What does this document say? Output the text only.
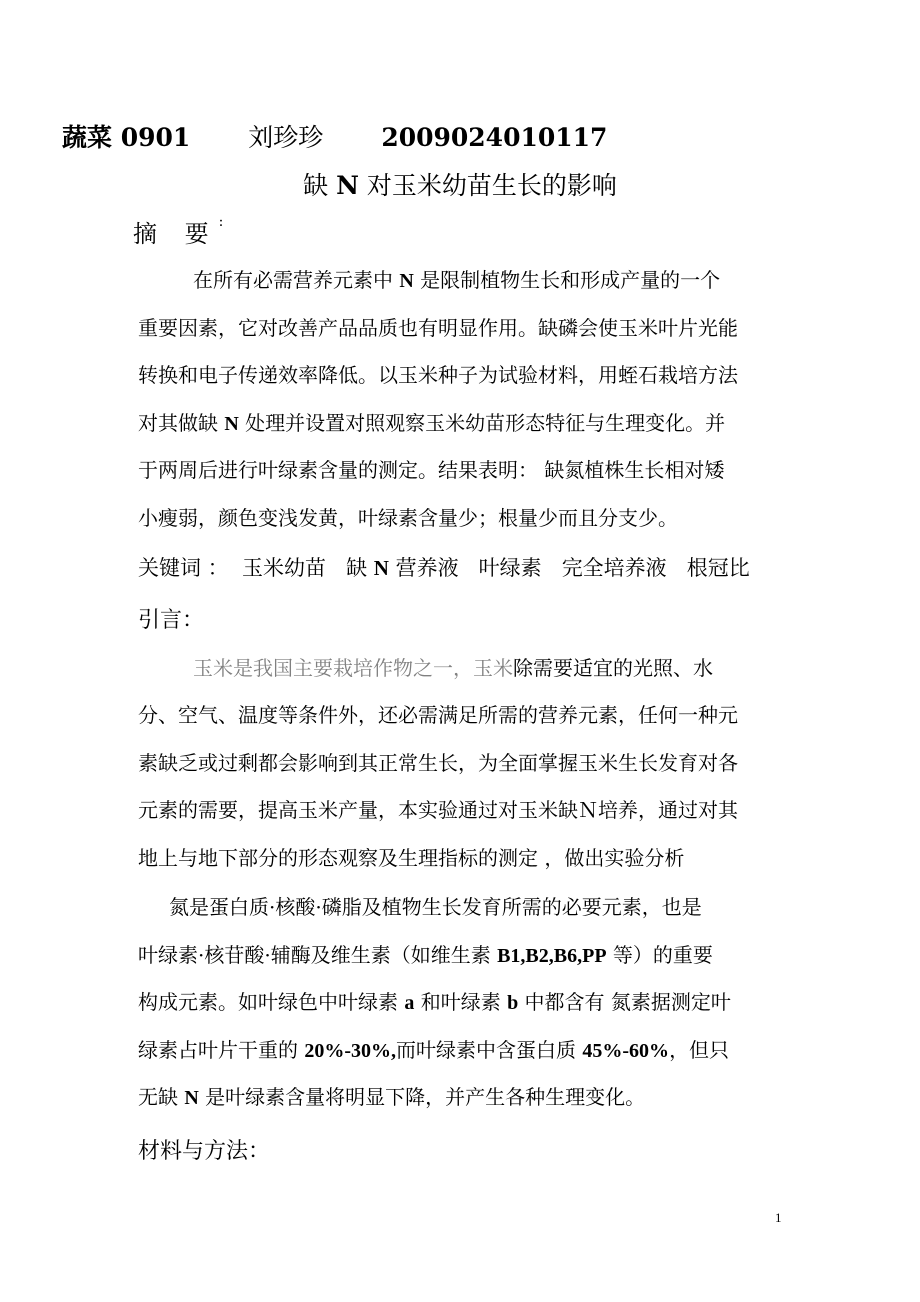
蔬菜 0901 刘珍珍 2009024010117
缺 N 对玉米幼苗生长的影响
摘 要:
在所有必需营养元素中 N 是限制植物生长和形成产量的一个
重要因素，它对改善产品品质也有明显作用。缺磷会使玉米叶片光能
转换和电子传递效率降低。以玉米种子为试验材料，用蛭石栽培方法
对其做缺 N 处理并设置对照观察玉米幼苗形态特征与生理变化。并
于两周后进行叶绿素含量的测定。结果表明： 缺氮植株生长相对矮
小瘦弱，颜色变浅发黄，叶绿素含量少；根量少而且分支少。
关键词 ： 玉米幼苗 缺 N 营养液 叶绿素 完全培养液 根冠比
引言：
玉米是我国主要栽培作物之一，玉米除需要适宜的光照、水
分、空气、温度等条件外，还必需满足所需的营养元素，任何一种元
素缺乏或过剩都会影响到其正常生长，为全面掌握玉米生长发育对各
元素的需要，提高玉米产量，本实验通过对玉米缺Ｎ培养，通过对其
地上与地下部分的形态观察及生理指标的测定 ，做出实验分析
氮是蛋白质·核酸·磷脂及植物生长发育所需的必要元素，也是
叶绿素·核苷酸·辅酶及维生素（如维生素 B1,B2,B6,PP 等）的重要
构成元素。如叶绿色中叶绿素 a 和叶绿素 b 中都含有 氮素据测定叶
绿素占叶片干重的 20%-30%,而叶绿素中含蛋白质 45%-60%，但只
无缺 N 是叶绿素含量将明显下降，并产生各种生理变化。
材料与方法：
1
